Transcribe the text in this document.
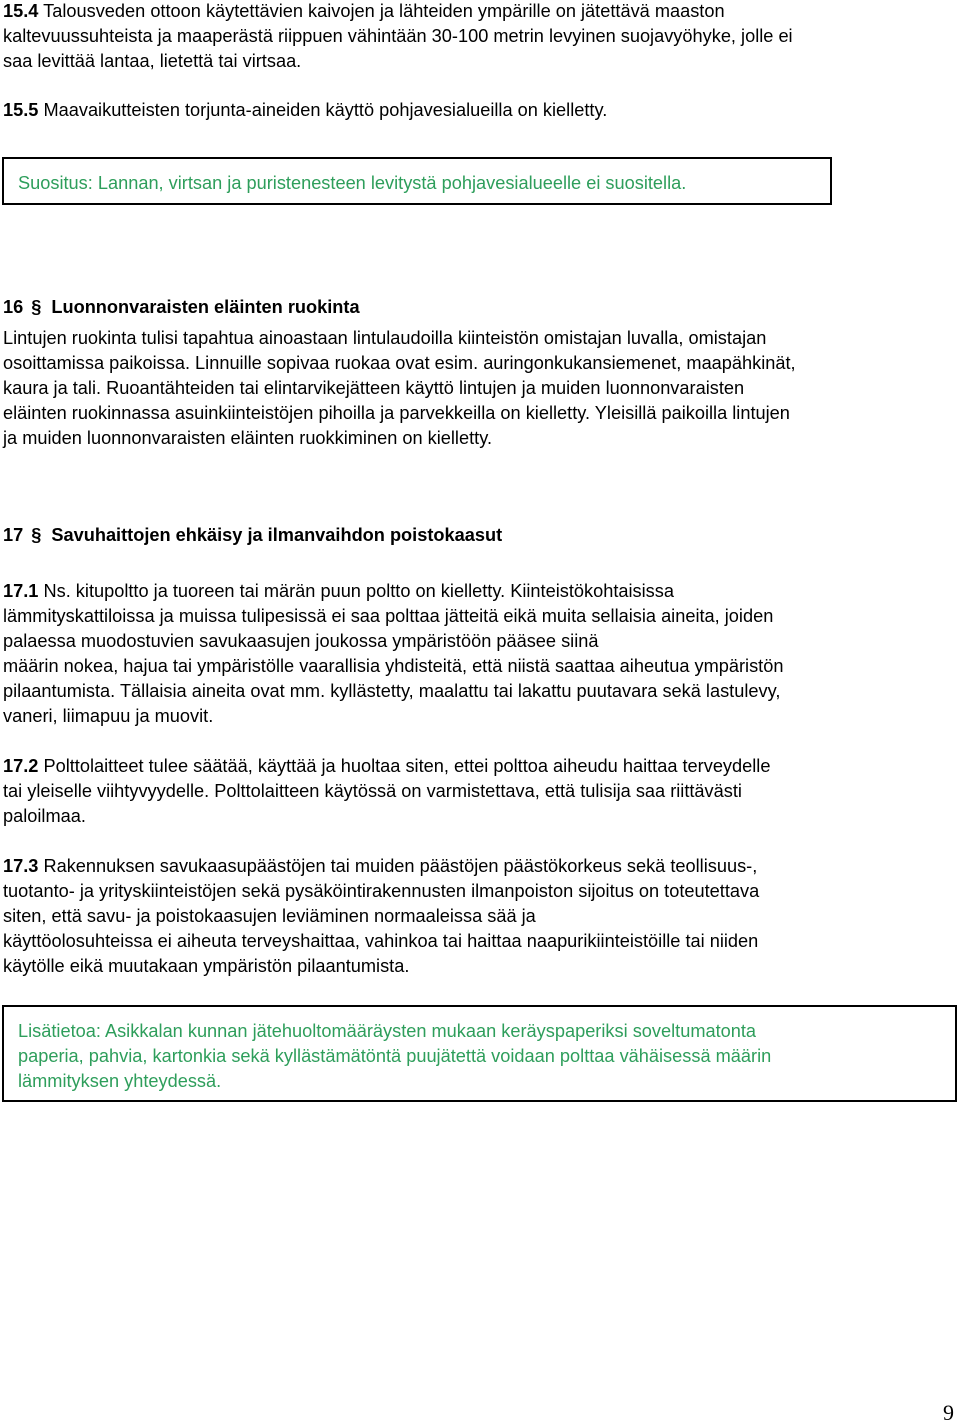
15.4 Talousveden ottoon käytettävien kaivojen ja lähteiden ympärille on jätettävä maaston
kaltevuussuhteista ja maaperästä riippuen vähintään 30-100 metrin levyinen suojavyöhyke, jolle ei
saa levittää lantaa, lietettä tai virtsaa.
15.5 Maavaikutteisten torjunta-aineiden käyttö pohjavesialueilla on kielletty.
Suositus: Lannan, virtsan ja puristenesteen levitystä pohjavesialueelle ei suositella.
16 § Luonnonvaraisten eläinten ruokinta
Lintujen ruokinta tulisi tapahtua ainoastaan lintulaudoilla kiinteistön omistajan luvalla, omistajan
osoittamissa paikoissa. Linnuille sopivaa ruokaa ovat esim. auringonkukansiemenet, maapähkinät,
kaura ja tali. Ruoantähteiden tai elintarvikejätteen käyttö lintujen ja muiden luonnonvaraisten
eläinten ruokinnassa asuinkiinteistöjen pihoilla ja parvekkeilla on kielletty. Yleisillä paikoilla lintujen
ja muiden luonnonvaraisten eläinten ruokkiminen on kielletty.
17 § Savuhaittojen ehkäisy ja ilmanvaihdon poistokaasut
17.1 Ns. kitupoltto ja tuoreen tai märän puun poltto on kielletty. Kiinteistökohtaisissa
lämmityskattiloissa ja muissa tulipesissä ei saa polttaa jätteitä eikä muita sellaisia aineita, joiden
palaessa muodostuvien savukaasujen joukossa ympäristöön pääsee siinä
määrin nokea, hajua tai ympäristölle vaarallisia yhdisteitä, että niistä saattaa aiheutua ympäristön
pilaantumista. Tällaisia aineita ovat mm. kyllästetty, maalattu tai lakattu puutavara sekä lastulevy,
vaneri, liimapuu ja muovit.
17.2 Polttolaitteet tulee säätää, käyttää ja huoltaa siten, ettei polttoa aiheudu haittaa terveydelle
tai yleiselle viihtyvyydelle. Polttolaitteen käytössä on varmistettava, että tulisija saa riittävästi
paloilmaa.
17.3 Rakennuksen savukaasupäästöjen tai muiden päästöjen päästökorkeus sekä teollisuus-,
tuotanto- ja yrityskiinteistöjen sekä pysäköintirakennusten ilmanpoiston sijoitus on toteutettava
siten, että savu- ja poistokaasujen leviäminen normaaleissa sää ja
käyttöolosuhteissa ei aiheuta terveyshaittaa, vahinkoa tai haittaa naapurikiinteistöille tai niiden
käytölle eikä muutakaan ympäristön pilaantumista.
Lisätietoa: Asikkalan kunnan jätehuoltomääräysten mukaan keräyspaperiksi soveltumatonta
paperia, pahvia, kartonkia sekä kyllästämätöntä puujätettä voidaan polttaa vähäisessä määrin
lämmityksen yhteydessä.
9
